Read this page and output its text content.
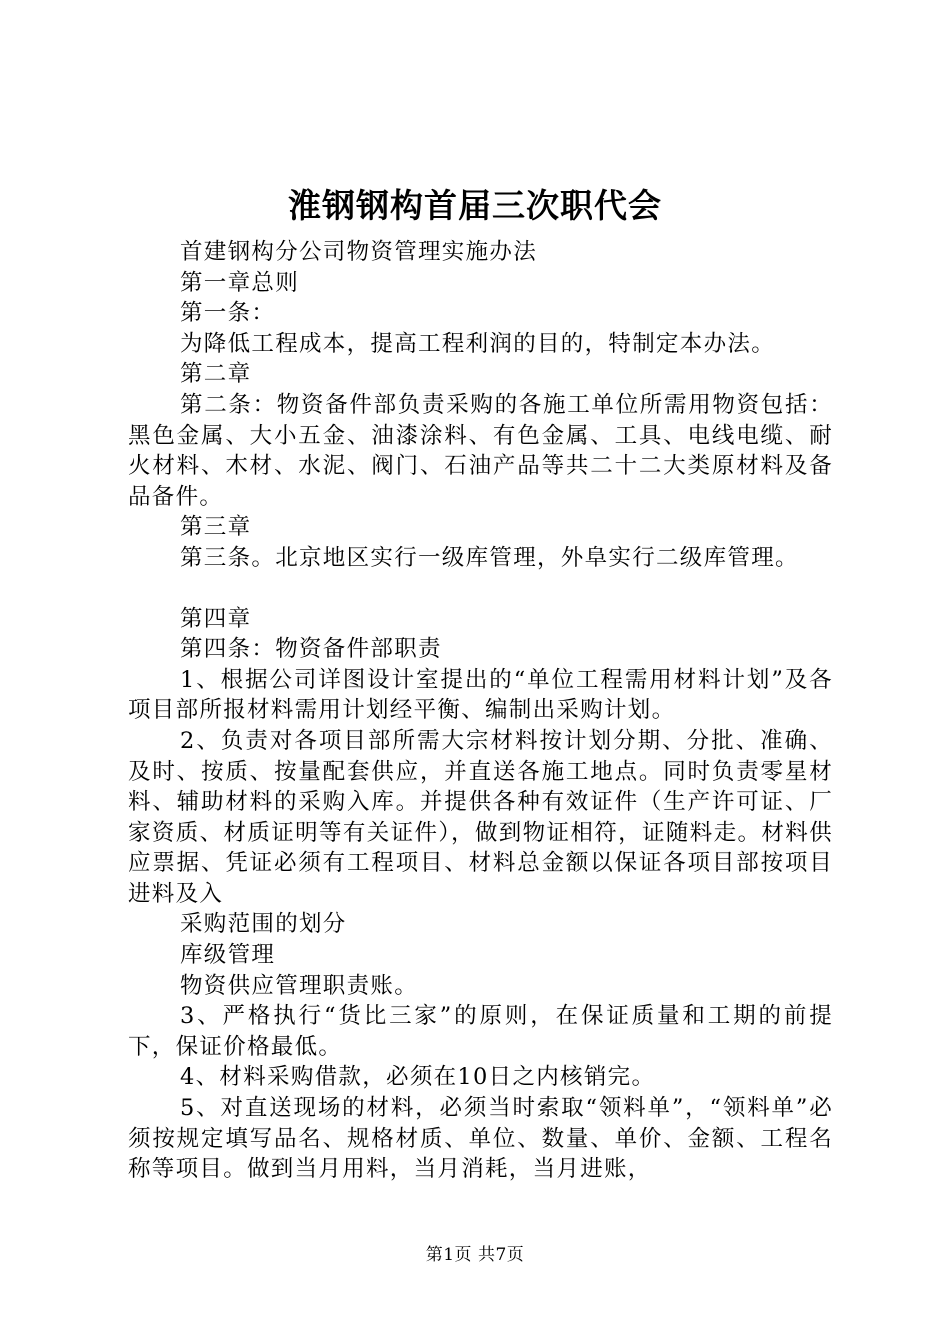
淮钢钢构首届三次职代会

首建钢构分公司物资管理实施办法

第一章总则

第一条：

为降低工程成本，提高工程利润的目的，特制定本办法。

第二章

第二条：物资备件部负责采购的各施工单位所需用物资包括：黑色金属、大小五金、油漆涂料、有色金属、工具、电线电缆、耐火材料、木材、水泥、阀门、石油产品等共二十二大类原材料及备品备件。

第三章

第三条。北京地区实行一级库管理，外阜实行二级库管理。

第四章

第四条：物资备件部职责

1、根据公司详图设计室提出的“单位工程需用材料计划”及各项目部所报材料需用计划经平衡、编制出采购计划。

2、负责对各项目部所需大宗材料按计划分期、分批、准确、及时、按质、按量配套供应，并直送各施工地点。同时负责零星材料、辅助材料的采购入库。并提供各种有效证件（生产许可证、厂家资质、材质证明等有关证件），做到物证相符，证随料走。材料供应票据、凭证必须有工程项目、材料总金额以保证各项目部按项目进料及入

采购范围的划分

库级管理

物资供应管理职责账。

3、严格执行“货比三家”的原则，在保证质量和工期的前提下，保证价格最低。

4、材料采购借款，必须在10日之内核销完。

5、对直送现场的材料，必须当时索取“领料单”，“领料单”必须按规定填写品名、规格材质、单位、数量、单价、金额、工程名称等项目。做到当月用料，当月消耗，当月进账，

第1页 共7页
